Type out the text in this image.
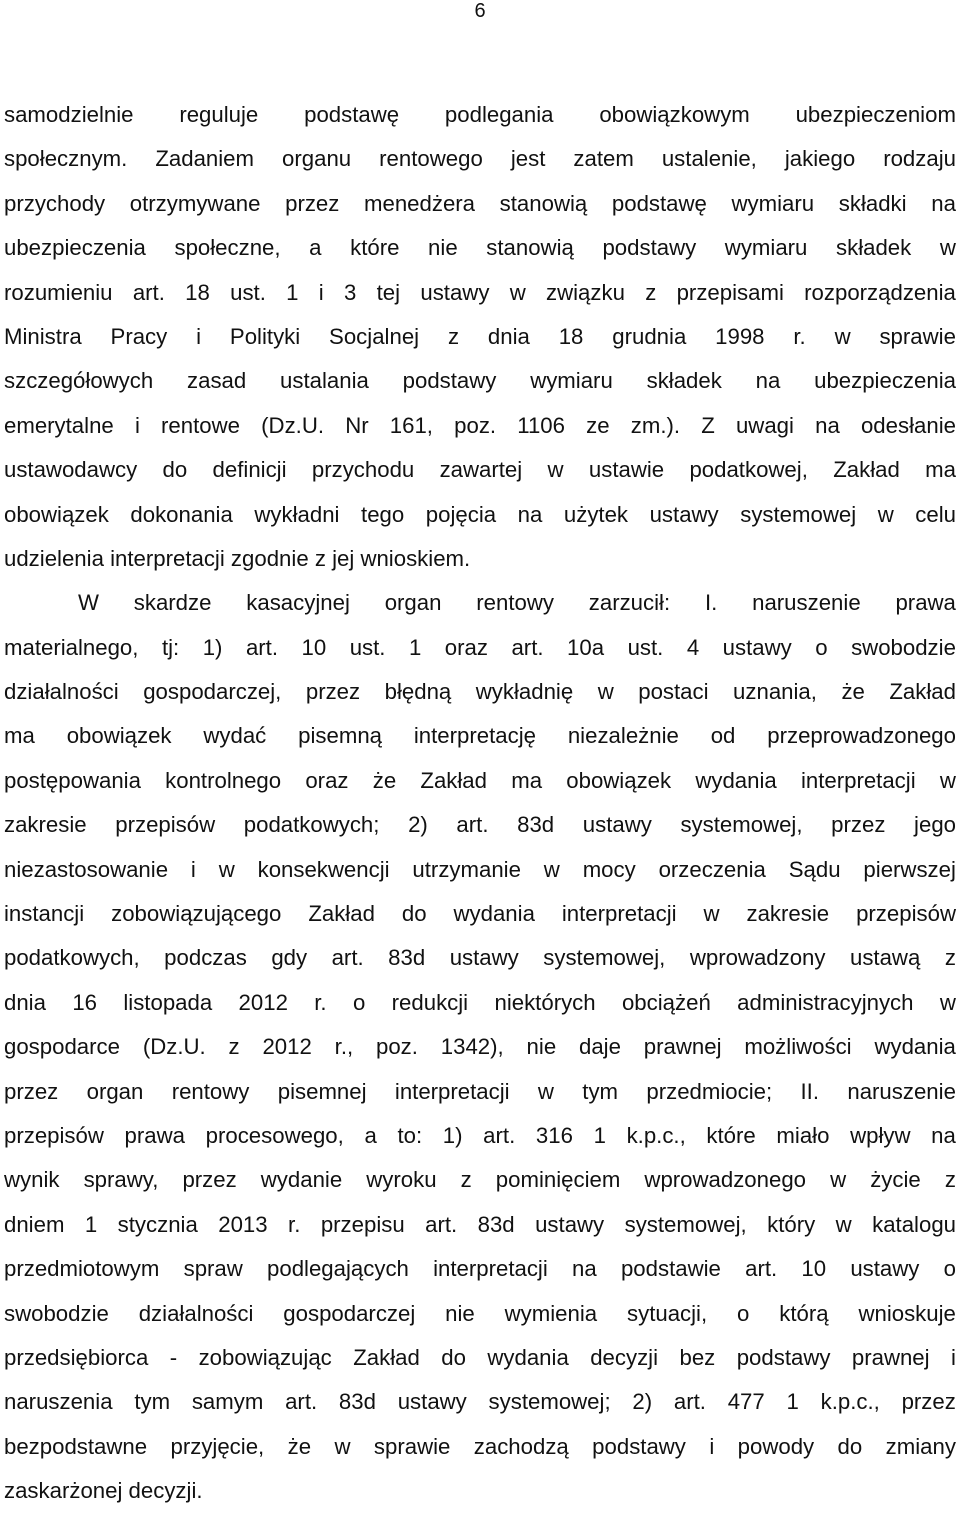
6
samodzielnie reguluje podstawę podlegania obowiązkowym ubezpieczeniom
społecznym. Zadaniem organu rentowego jest zatem ustalenie, jakiego rodzaju
przychody otrzymywane przez menedżera stanowią podstawę wymiaru składki na
ubezpieczenia społeczne, a które nie stanowią podstawy wymiaru składek w
rozumieniu art. 18 ust. 1 i 3 tej ustawy w związku z przepisami rozporządzenia
Ministra Pracy i Polityki Socjalnej z dnia 18 grudnia 1998 r. w sprawie
szczegółowych zasad ustalania podstawy wymiaru składek na ubezpieczenia
emerytalne i rentowe (Dz.U. Nr 161, poz. 1106 ze zm.). Z uwagi na odesłanie
ustawodawcy do definicji przychodu zawartej w ustawie podatkowej, Zakład ma
obowiązek dokonania wykładni tego pojęcia na użytek ustawy systemowej w celu
udzielenia interpretacji zgodnie z jej wnioskiem.
W skardze kasacyjnej organ rentowy zarzucił: I. naruszenie prawa
materialnego, tj: 1) art. 10 ust. 1 oraz art. 10a ust. 4 ustawy o swobodzie
działalności gospodarczej, przez błędną wykładnię w postaci uznania, że Zakład
ma obowiązek wydać pisemną interpretację niezależnie od przeprowadzonego
postępowania kontrolnego oraz że Zakład ma obowiązek wydania interpretacji w
zakresie przepisów podatkowych; 2) art. 83d ustawy systemowej, przez jego
niezastosowanie i w konsekwencji utrzymanie w mocy orzeczenia Sądu pierwszej
instancji zobowiązującego Zakład do wydania interpretacji w zakresie przepisów
podatkowych, podczas gdy art. 83d ustawy systemowej, wprowadzony ustawą z
dnia 16 listopada 2012 r. o redukcji niektórych obciążeń administracyjnych w
gospodarce (Dz.U. z 2012 r., poz. 1342), nie daje prawnej możliwości wydania
przez organ rentowy pisemnej interpretacji w tym przedmiocie; II. naruszenie
przepisów prawa procesowego, a to: 1) art. 316 1 k.p.c., które miało wpływ na
wynik sprawy, przez wydanie wyroku z pominięciem wprowadzonego w życie z
dniem 1 stycznia 2013 r. przepisu art. 83d ustawy systemowej, który w katalogu
przedmiotowym spraw podlegających interpretacji na podstawie art. 10 ustawy o
swobodzie działalności gospodarczej nie wymienia sytuacji, o którą wnioskuje
przedsiębiorca - zobowiązując Zakład do wydania decyzji bez podstawy prawnej i
naruszenia tym samym art. 83d ustawy systemowej; 2) art. 477 1 k.p.c., przez
bezpodstawne przyjęcie, że w sprawie zachodzą podstawy i powody do zmiany
zaskarżonej decyzji.
